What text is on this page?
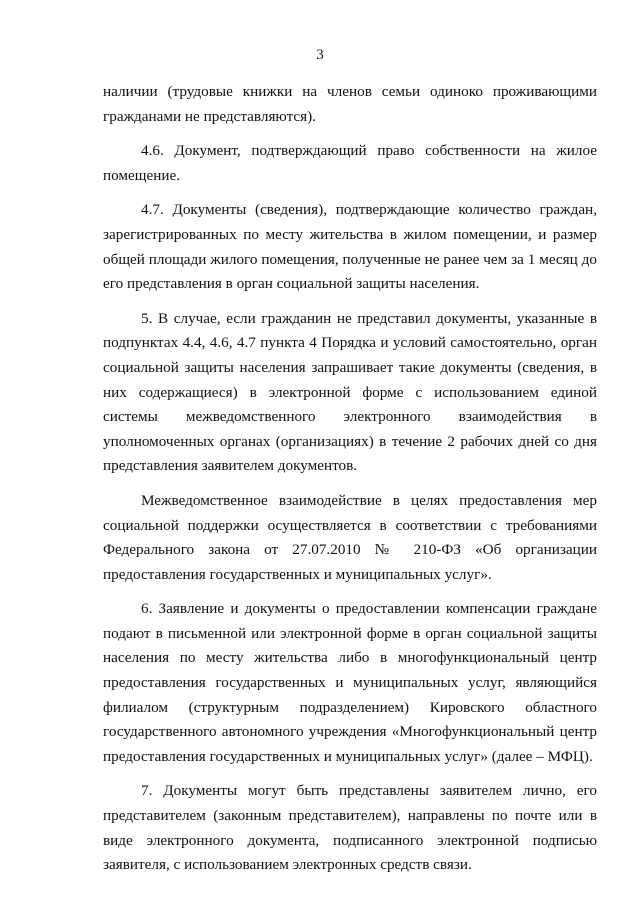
3

наличии (трудовые книжки на членов семьи одиноко проживающими гражданами не представляются).

4.6. Документ, подтверждающий право собственности на жилое помещение.

4.7. Документы (сведения), подтверждающие количество граждан, зарегистрированных по месту жительства в жилом помещении, и размер общей площади жилого помещения, полученные не ранее чем за 1 месяц до его представления в орган социальной защиты населения.

5. В случае, если гражданин не представил документы, указанные в подпунктах 4.4, 4.6, 4.7 пункта 4 Порядка и условий самостоятельно, орган социальной защиты населения запрашивает такие документы (сведения, в них содержащиеся) в электронной форме с использованием единой системы межведомственного электронного взаимодействия в уполномоченных органах (организациях) в течение 2 рабочих дней со дня представления заявителем документов.

Межведомственное взаимодействие в целях предоставления мер социальной поддержки осуществляется в соответствии с требованиями Федерального закона от 27.07.2010 № 210-ФЗ «Об организации предоставления государственных и муниципальных услуг».

6. Заявление и документы о предоставлении компенсации граждане подают в письменной или электронной форме в орган социальной защиты населения по месту жительства либо в многофункциональный центр предоставления государственных и муниципальных услуг, являющийся филиалом (структурным подразделением) Кировского областного государственного автономного учреждения «Многофункциональный центр предоставления государственных и муниципальных услуг» (далее – МФЦ).

7. Документы могут быть представлены заявителем лично, его представителем (законным представителем), направлены по почте или в виде электронного документа, подписанного электронной подписью заявителя, с использованием электронных средств связи.
